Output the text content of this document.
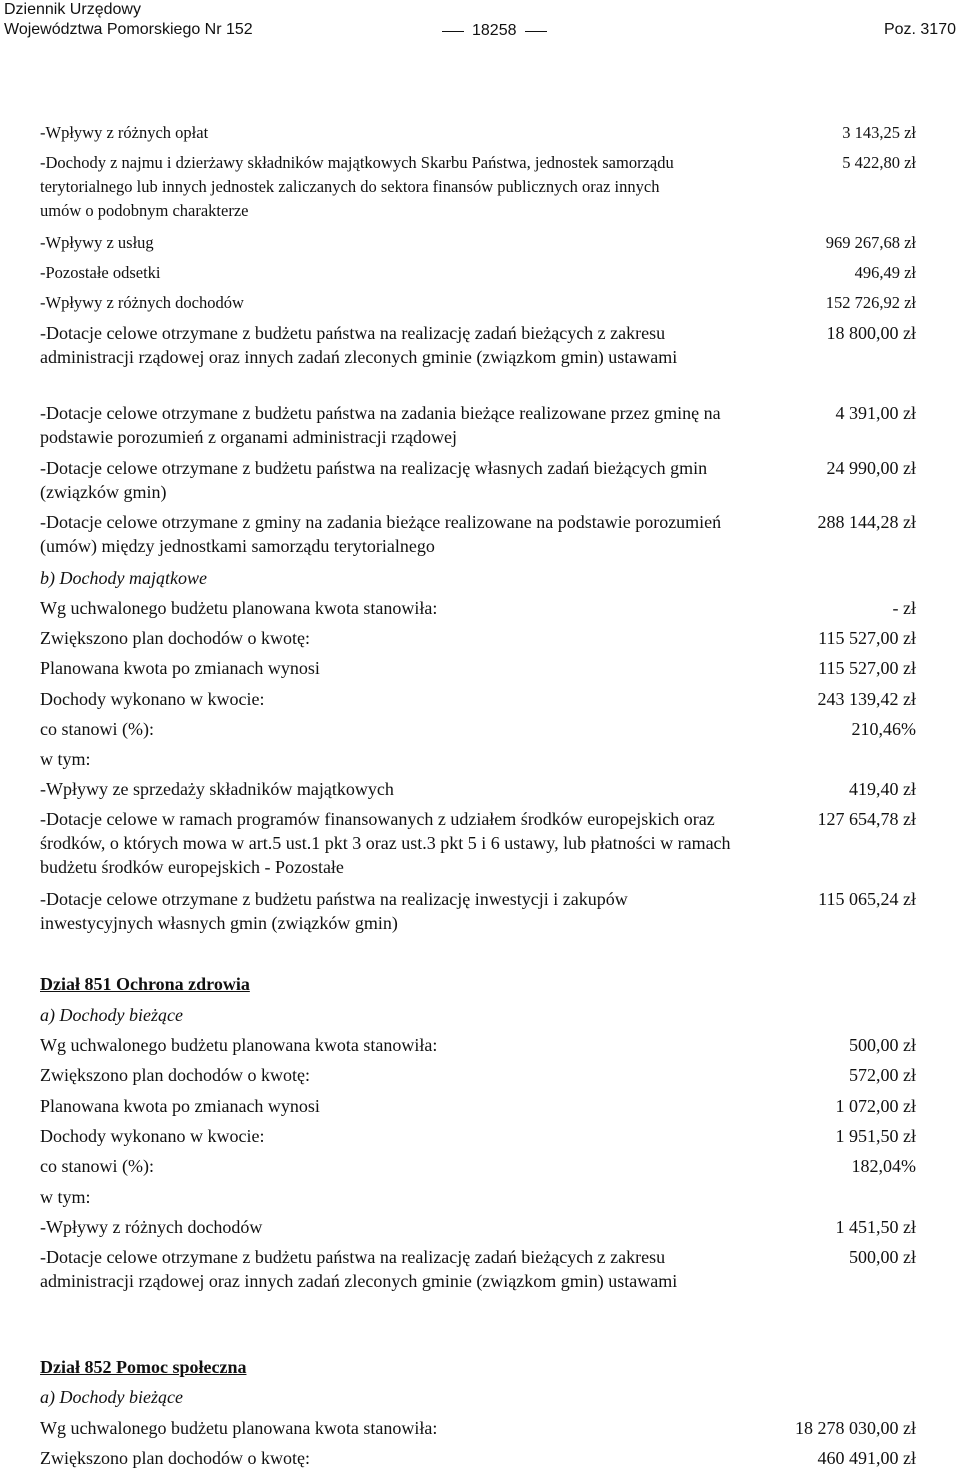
Dziennik Urzędowy
Województwa Pomorskiego Nr 152	18258	Poz. 3170
-Wpływy z różnych opłat	3 143,25 zł
-Dochody z najmu i dzierżawy składników majątkowych Skarbu Państwa, jednostek samorządu terytorialnego lub innych jednostek zaliczanych do sektora finansów publicznych oraz innych umów o podobnym charakterze
5 422,80 zł
-Wpływy z usług	969 267,68 zł
-Pozostałe odsetki	496,49 zł
-Wpływy z różnych dochodów	152 726,92 zł
-Dotacje celowe otrzymane z budżetu państwa na realizację zadań bieżących z zakresu administracji rządowej oraz innych zadań zleconych gminie (związkom gmin) ustawami
18 800,00 zł
-Dotacje celowe otrzymane z budżetu państwa na zadania bieżące realizowane przez gminę na podstawie porozumień z organami administracji rządowej
4 391,00 zł
-Dotacje celowe otrzymane z budżetu państwa na realizację własnych zadań bieżących gmin (związków gmin)
24 990,00 zł
-Dotacje celowe otrzymane z gminy na zadania bieżące realizowane na podstawie porozumień (umów) między jednostkami samorządu terytorialnego
288 144,28 zł
b) Dochody majątkowe
Wg uchwalonego budżetu planowana kwota stanowiła:	- zł
Zwiększono plan dochodów o kwotę:	115 527,00 zł
Planowana kwota po zmianach wynosi	115 527,00 zł
Dochody wykonano w kwocie:	243 139,42 zł
co stanowi (%):	210,46%
w tym:
-Wpływy ze sprzedaży składników majątkowych	419,40 zł
-Dotacje celowe w ramach programów finansowanych z udziałem środków europejskich oraz środków, o których mowa w art.5 ust.1 pkt 3 oraz ust.3 pkt 5 i 6 ustawy, lub płatności w ramach budżetu środków europejskich - Pozostałe
127 654,78 zł
-Dotacje celowe otrzymane z budżetu państwa na realizację inwestycji i zakupów inwestycyjnych własnych gmin (związków gmin)
115 065,24 zł
Dział 851 Ochrona zdrowia
a) Dochody bieżące
Wg uchwalonego budżetu planowana kwota stanowiła:	500,00 zł
Zwiększono plan dochodów o kwotę:	572,00 zł
Planowana kwota po zmianach wynosi	1 072,00 zł
Dochody wykonano w kwocie:	1 951,50 zł
co stanowi (%):	182,04%
w tym:
-Wpływy z różnych dochodów	1 451,50 zł
-Dotacje celowe otrzymane z budżetu państwa na realizację zadań bieżących z zakresu administracji rządowej oraz innych zadań zleconych gminie (związkom gmin) ustawami
500,00 zł
Dział 852 Pomoc społeczna
a) Dochody bieżące
Wg uchwalonego budżetu planowana kwota stanowiła:	18 278 030,00 zł
Zwiększono plan dochodów o kwotę:	460 491,00 zł
